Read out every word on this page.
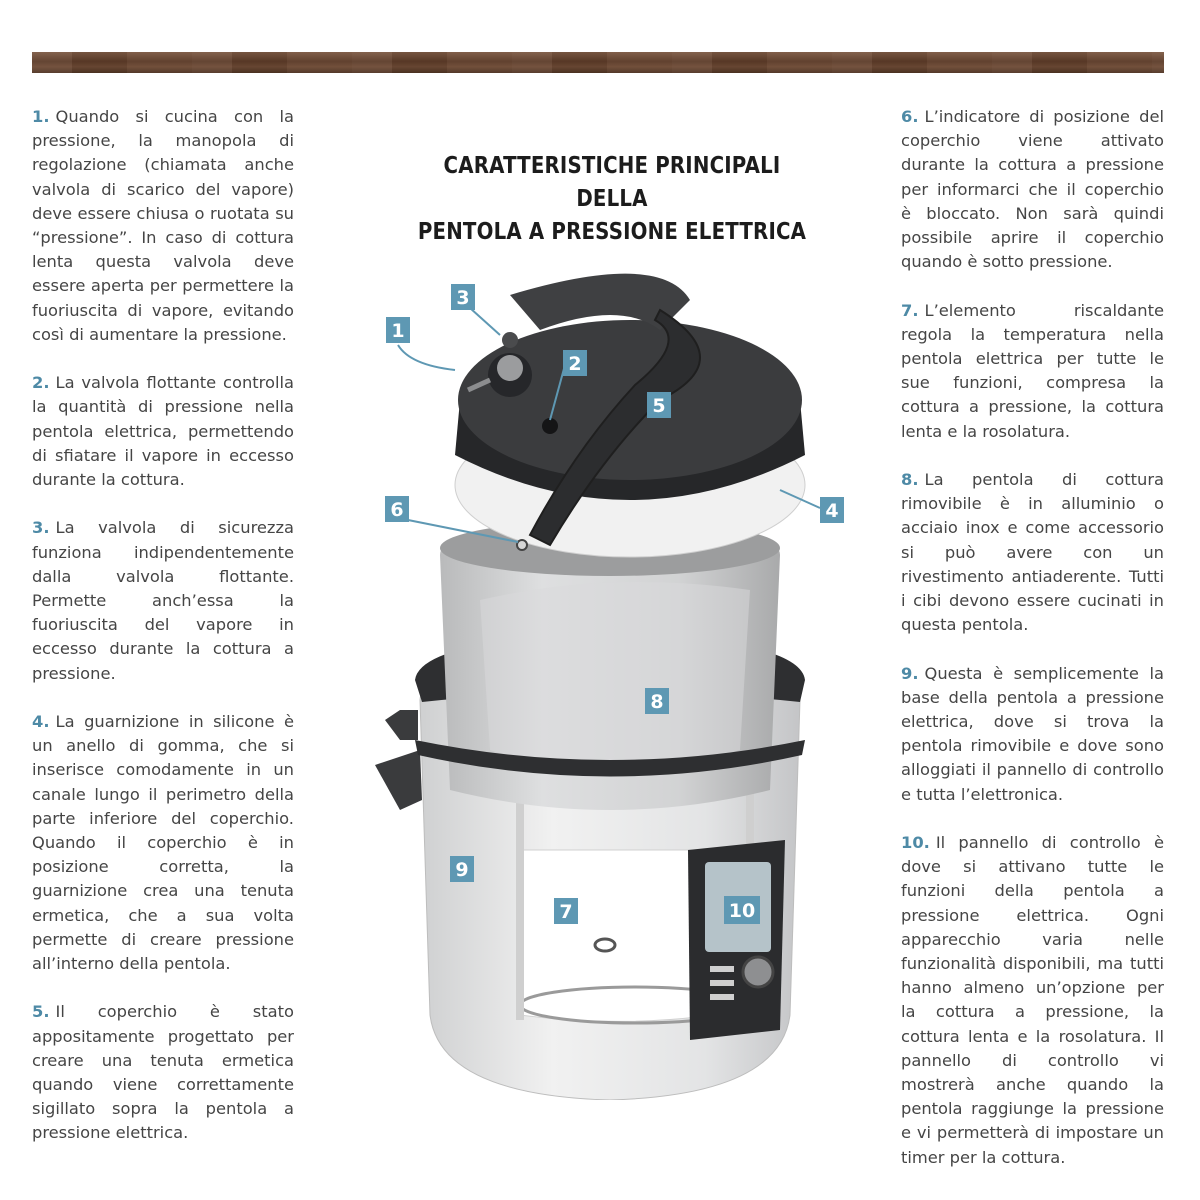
1. Quando si cucina con la pressione, la manopola di regolazione (chiamata anche valvola di scarico del vapore) deve essere chiusa o ruotata su “pressione”. In caso di cottura lenta questa valvola deve essere aperta per permettere la fuoriuscita di vapore, evitando così di aumentare la pressione.

2. La valvola flottante controlla la quantità di pressione nella pentola elettrica, permettendo di sfiatare il vapore in eccesso durante la cottura.

3. La valvola di sicurezza funziona indipendentemente dalla valvola flottante. Permette anch’essa la fuoriuscita del vapore in eccesso durante la cottura a pressione.

4. La guarnizione in silicone è un anello di gomma, che si inserisce comodamente in un canale lungo il perimetro della parte inferiore del coperchio. Quando il coperchio è in posizione corretta, la guarnizione crea una tenuta ermetica, che a sua volta permette di creare pressione all’interno della pentola.

5. Il coperchio è stato appositamente progettato per creare una tenuta ermetica quando viene correttamente sigillato sopra la pentola a pressione elettrica.

CARATTERISTICHE PRINCIPALI DELLA
PENTOLA A PRESSIONE ELETTRICA
1
2
3
4
5
6
7
8
9
10

6. L’indicatore di posizione del coperchio viene attivato durante la cottura a pressione per informarci che il coperchio è bloccato. Non sarà quindi possibile aprire il coperchio quando è sotto pressione.

7. L’elemento riscaldante regola la temperatura nella pentola elettrica per tutte le sue funzioni, compresa la cottura a pressione, la cottura lenta e la rosolatura.

8. La pentola di cottura rimovibile è in alluminio o acciaio inox e come accessorio si può avere con un rivestimento antiaderente. Tutti i cibi devono essere cucinati in questa pentola.

9. Questa è semplicemente la base della pentola a pressione elettrica, dove si trova la pentola rimovibile e dove sono alloggiati il pannello di controllo e tutta l’elettronica.

10. Il pannello di controllo è dove si attivano tutte le funzioni della pentola a pressione elettrica. Ogni apparecchio varia nelle funzionalità disponibili, ma tutti hanno almeno un’opzione per la cottura a pressione, la cottura lenta e la rosolatura. Il pannello di controllo vi mostrerà anche quando la pentola raggiunge la pressione e vi permetterà di impostare un timer per la cottura.
